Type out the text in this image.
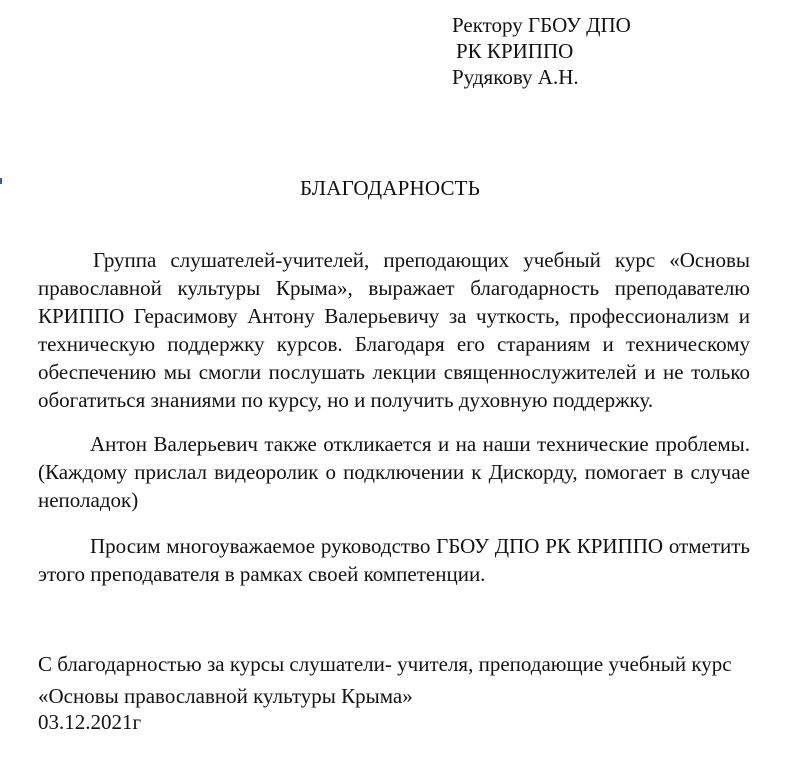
Ректору ГБОУ ДПО
РК КРИППО
Рудякову А.Н.
БЛАГОДАРНОСТЬ
Группа слушателей-учителей, преподающих учебный курс «Основы православной культуры Крыма», выражает благодарность преподавателю КРИППО Герасимову Антону Валерьевичу за чуткость, профессионализм и техническую поддержку курсов. Благодаря его стараниям и техническому обеспечению мы смогли послушать лекции священнослужителей и не только обогатиться знаниями по курсу, но и получить духовную поддержку.
Антон Валерьевич также откликается и на наши технические проблемы. (Каждому прислал видеоролик о подключении к Дискорду, помогает в случае неполадок)
Просим многоуважаемое руководство ГБОУ ДПО РК КРИППО отметить этого преподавателя в рамках своей компетенции.
С благодарностью за курсы слушатели- учителя, преподающие учебный курс
«Основы православной культуры Крыма»
03.12.2021г
